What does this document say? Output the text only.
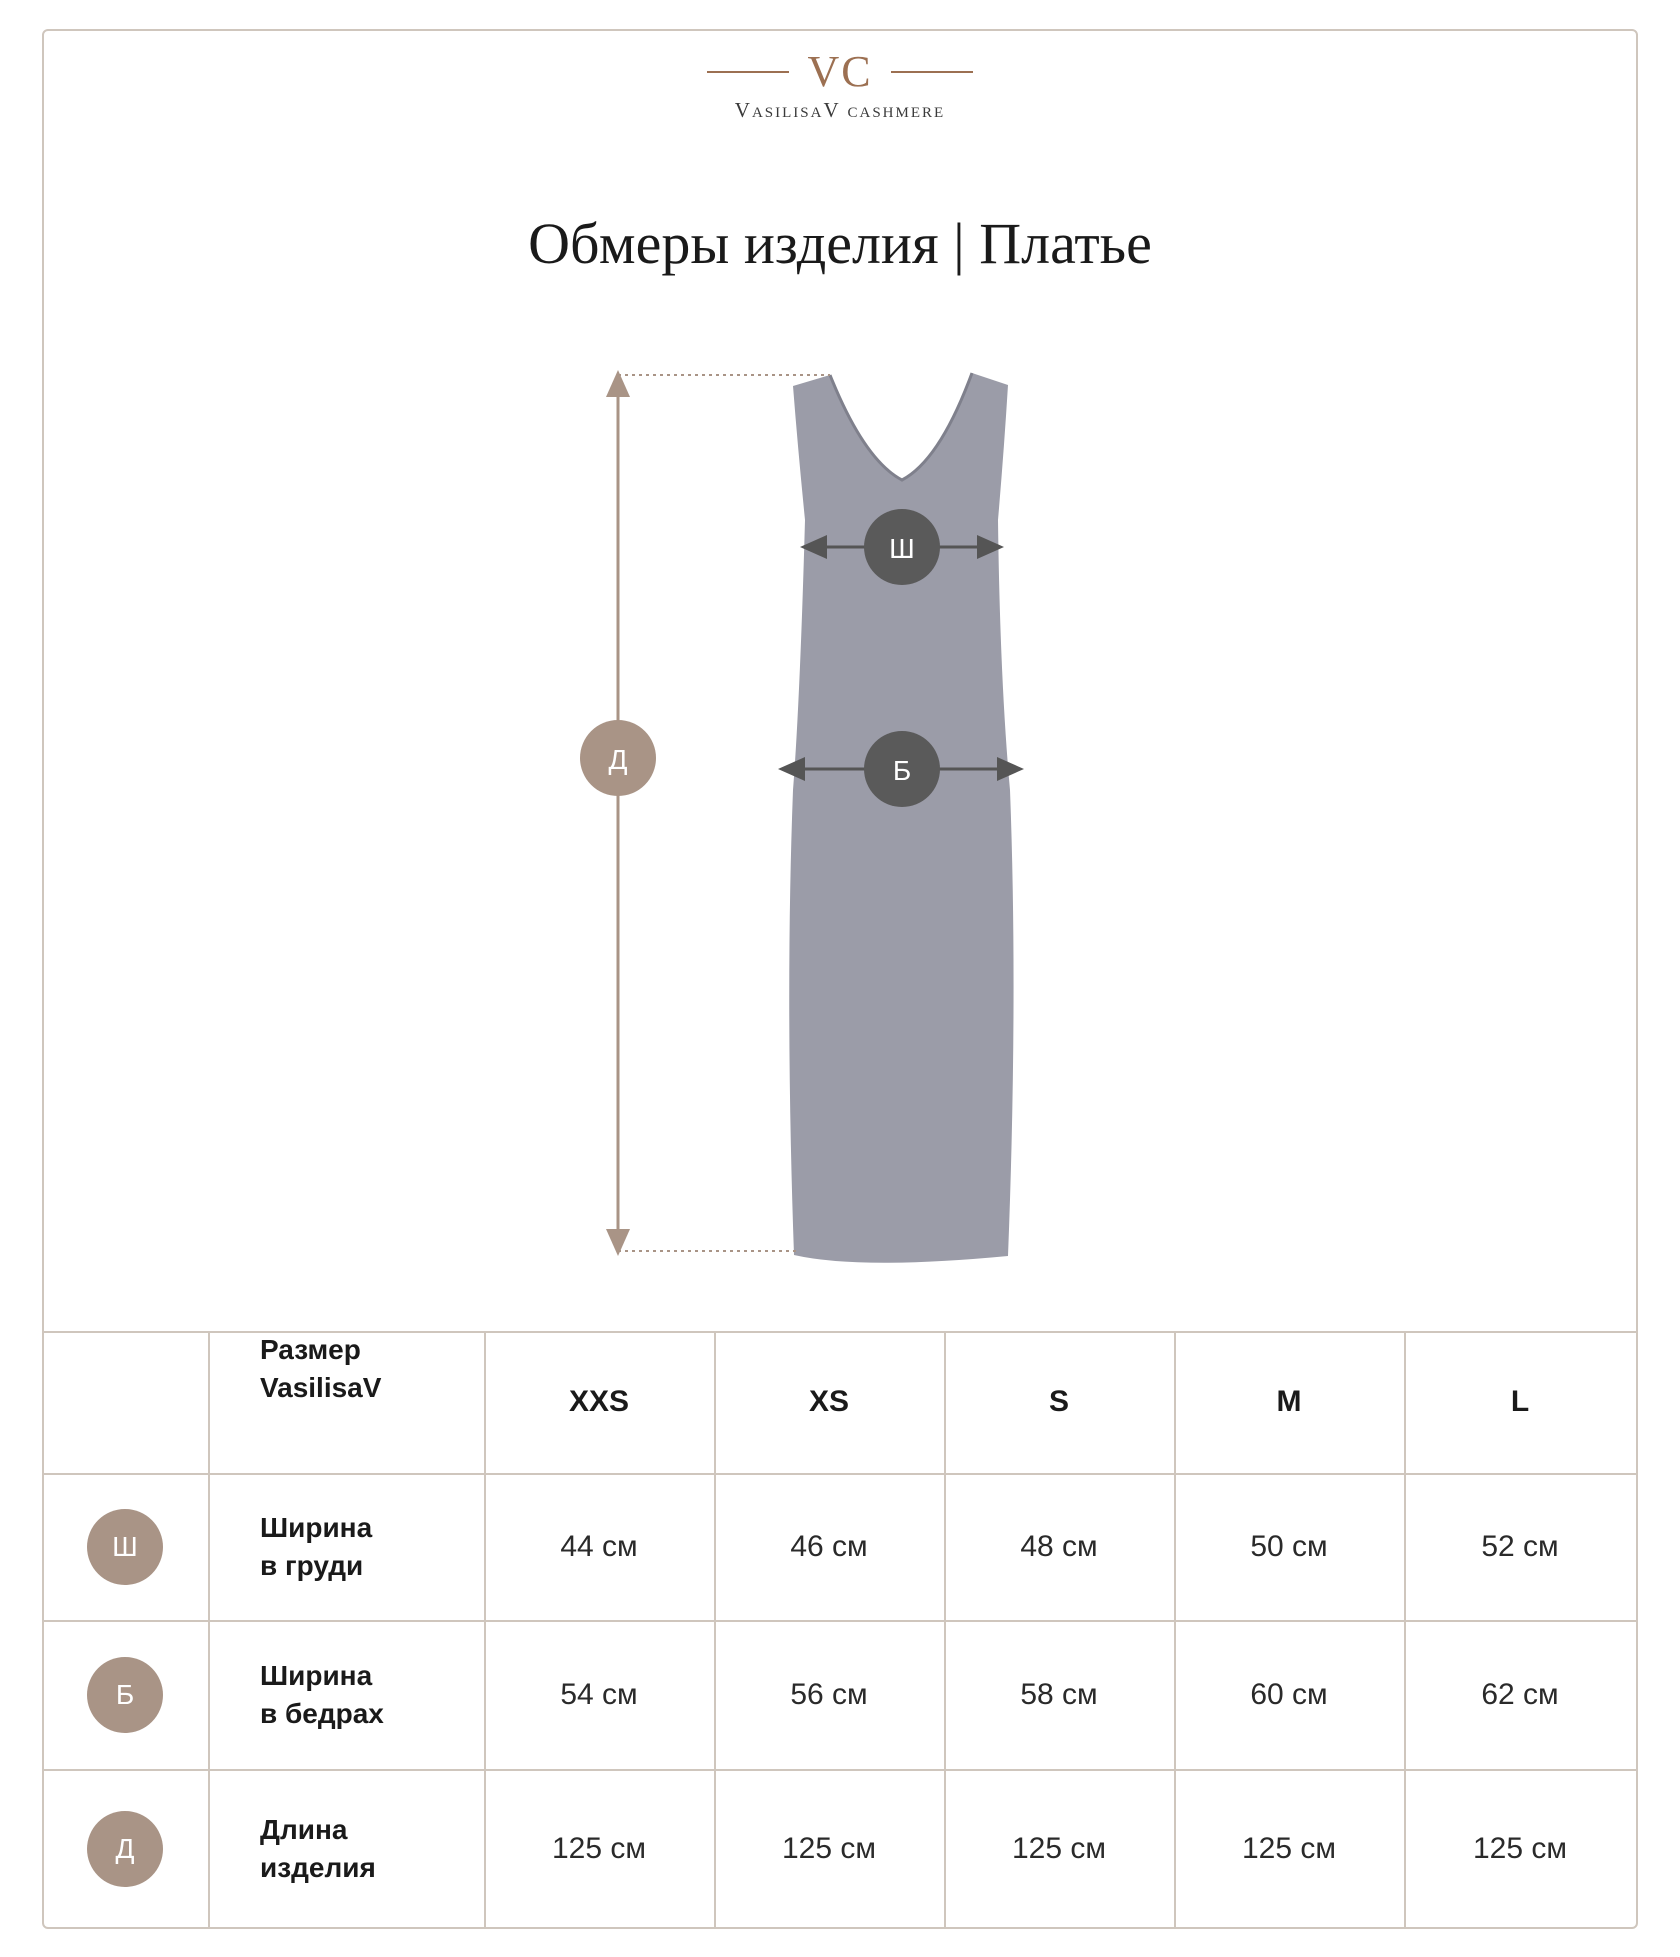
VC
VasilisaV cashmere
Обмеры изделия | Платье
Д
Ш
Б
Размер
VasilisaV	XXS	XS	S	M	L
Ш
Ширина
в груди
44 см	46 см	48 см	50 см	52 см
Б
Ширина
в бедрах
54 см	56 см	58 см	60 см	62 см
Д
Длина
изделия
125 см	125 см	125 см	125 см	125 см
